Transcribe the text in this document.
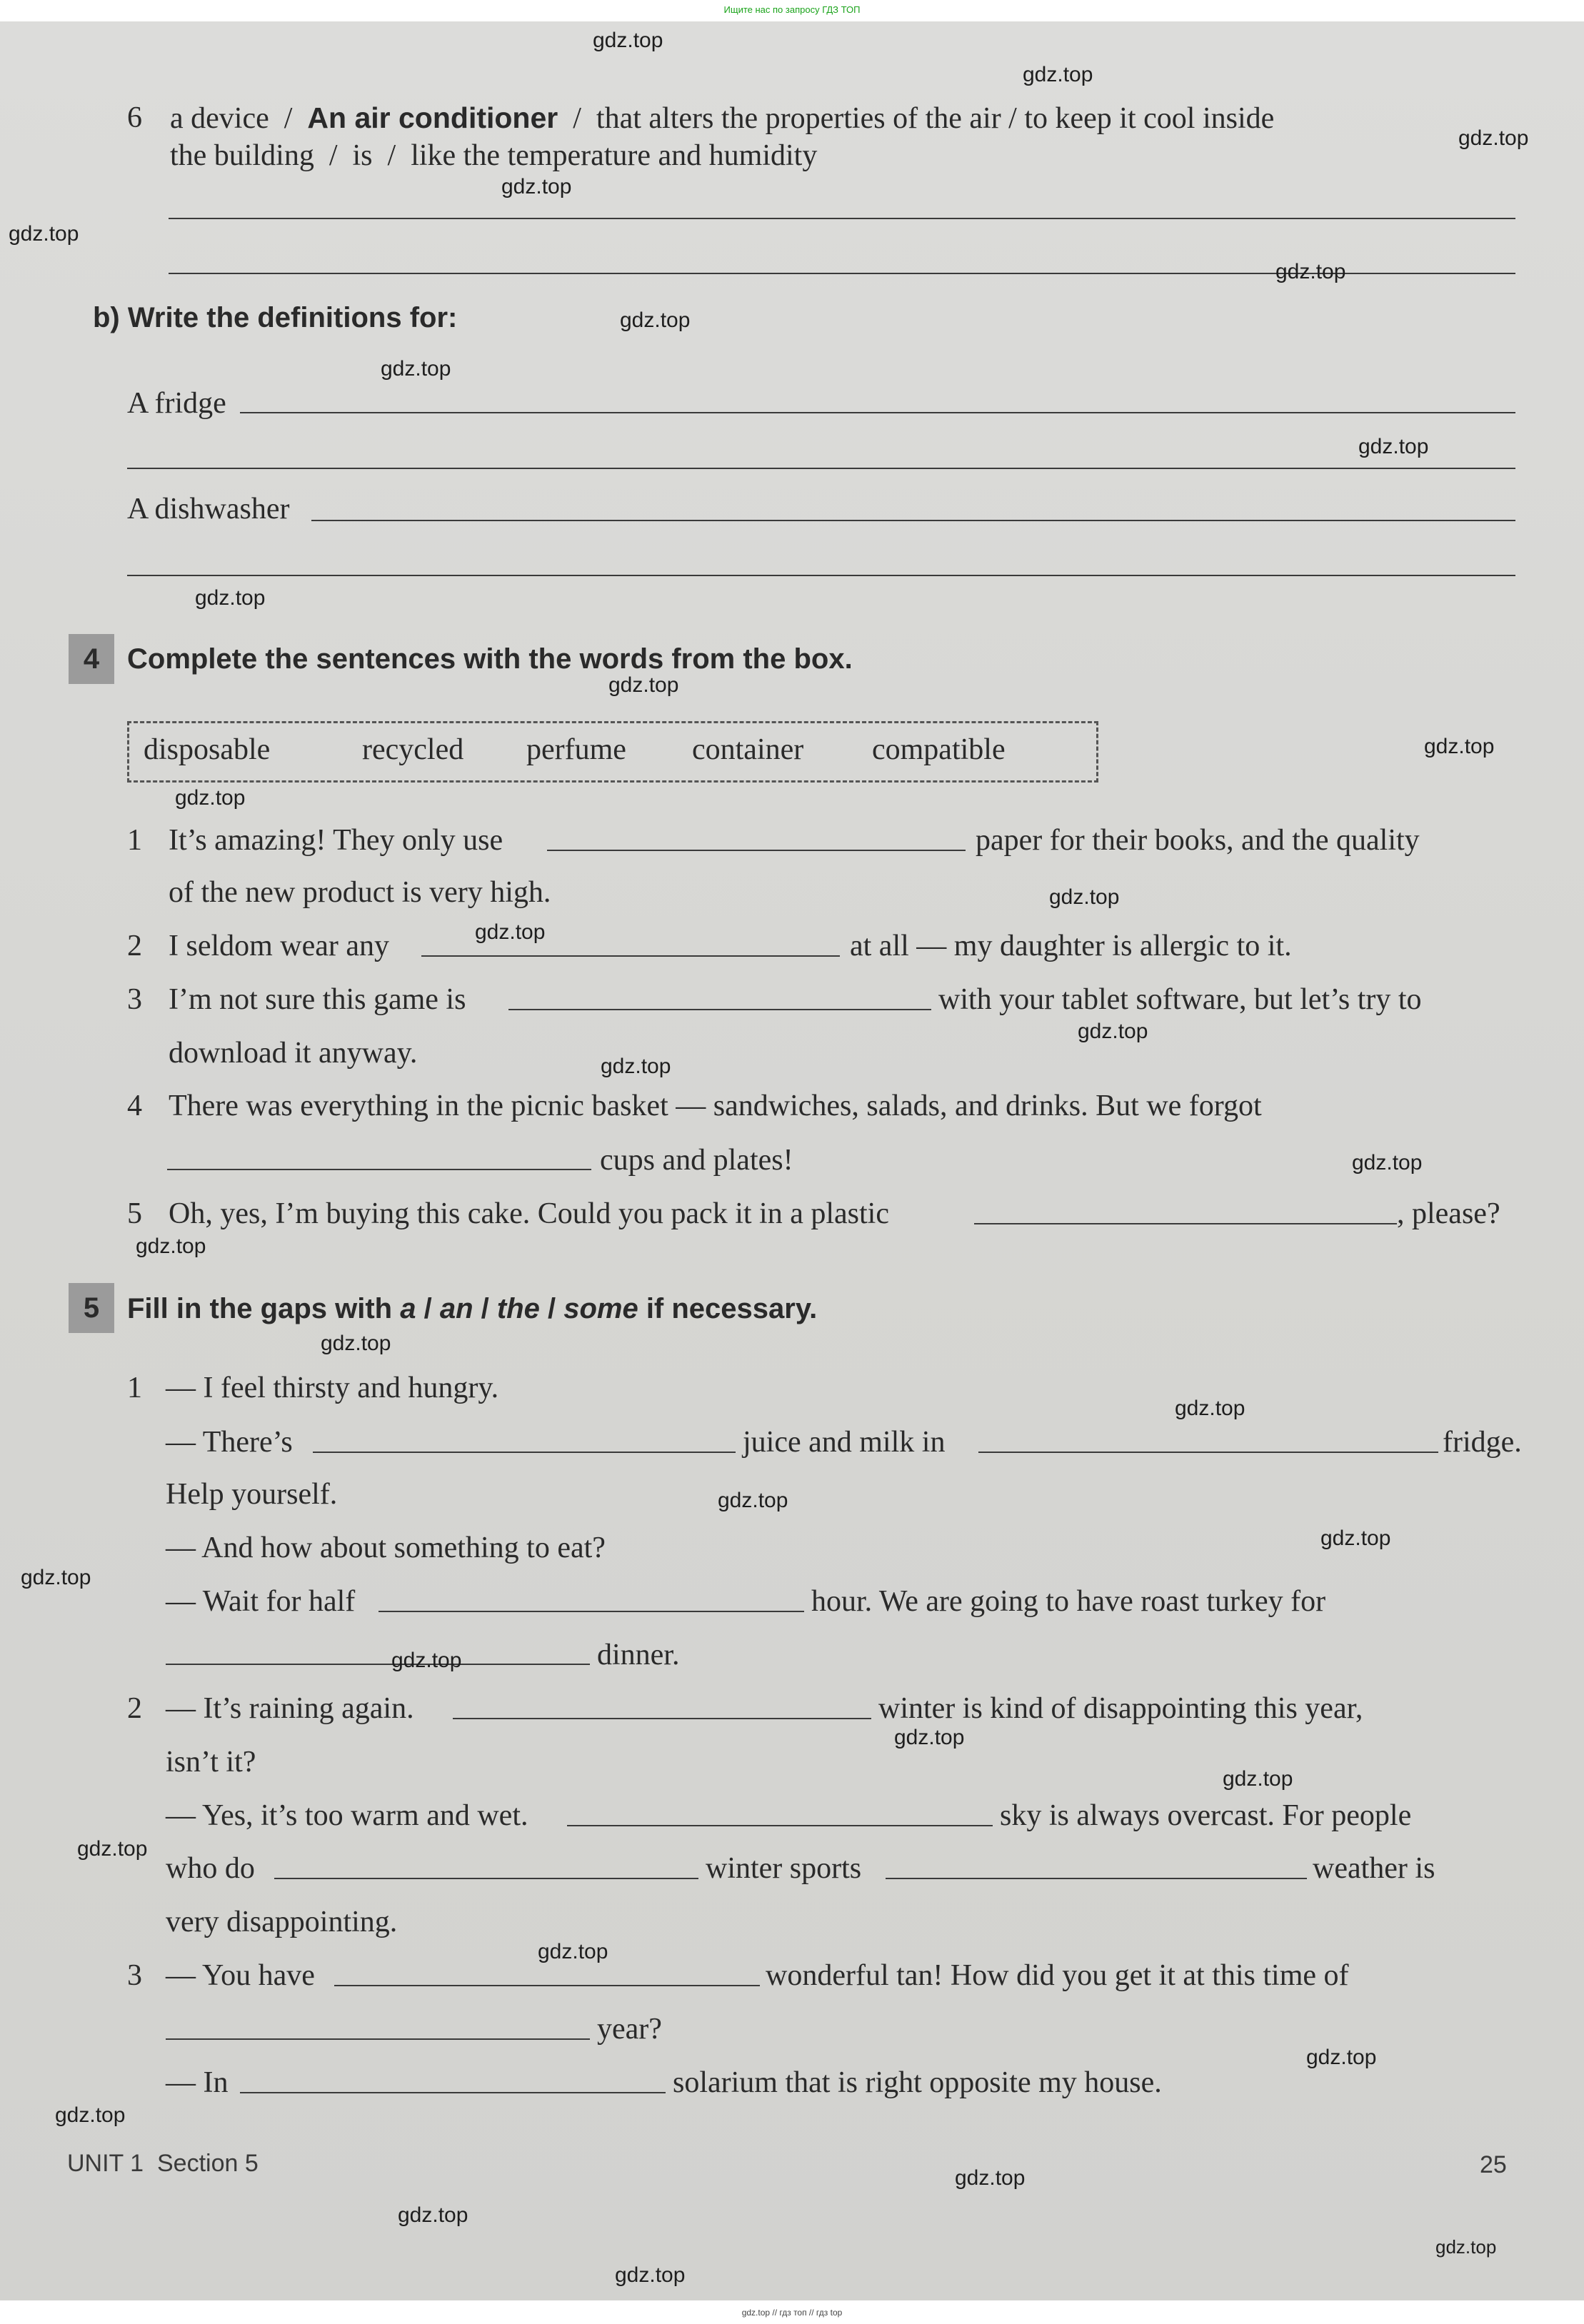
Ищите нас по запросу ГДЗ ТОП
6 a device / An air conditioner / that alters the properties of the air / to keep it cool inside
the building / is / like the temperature and humidity
b) Write the definitions for:
A fridge
A dishwasher
4 Complete the sentences with the words from the box.
disposable	recycled perfume container compatible
1 It’s amazing! They only use	paper for their books, and the quality
of the new product is very high.
2 I seldom wear any	at all — my daughter is allergic to it.
3 I’m not sure this game is	with your tablet software, but let’s try to
download it anyway.
4 There was everything in the picnic basket — sandwiches, salads, and drinks. But we forgot
cups and plates!
5 Oh, yes, I’m buying this cake. Could you pack it in a plastic	, please?
5 Fill in the gaps with a / an / the / some if necessary.
1 — I feel thirsty and hungry.
— There’s	juice and milk in	fridge.
Help yourself.
— And how about something to eat?
— Wait for half	hour. We are going to have roast turkey for
dinner.
2 — It’s raining again.	winter is kind of disappointing this year,
isn’t it?
— Yes, it’s too warm and wet.	sky is always overcast. For people
who do	winter sports	weather is
very disappointing.
3 — You have	wonderful tan! How did you get it at this time of
year?
— In	solarium that is right opposite my house.
UNIT 1 Section 5	25
gdz.top
gdz.top
gdz.top
gdz.top
gdz.top
gdz.top
gdz.top
gdz.top
gdz.top
gdz.top
gdz.top
gdz.top
gdz.top
gdz.top
gdz.top
gdz.top
gdz.top
gdz.top
gdz.top
gdz.top
gdz.top
gdz.top
gdz.top
gdz.top
gdz.top
gdz.top
gdz.top
gdz.top
gdz.top
gdz.top
gdz.top
gdz.top
gdz.top
gdz.top
gdz.top
gdz.top // гдз топ // гдз top
